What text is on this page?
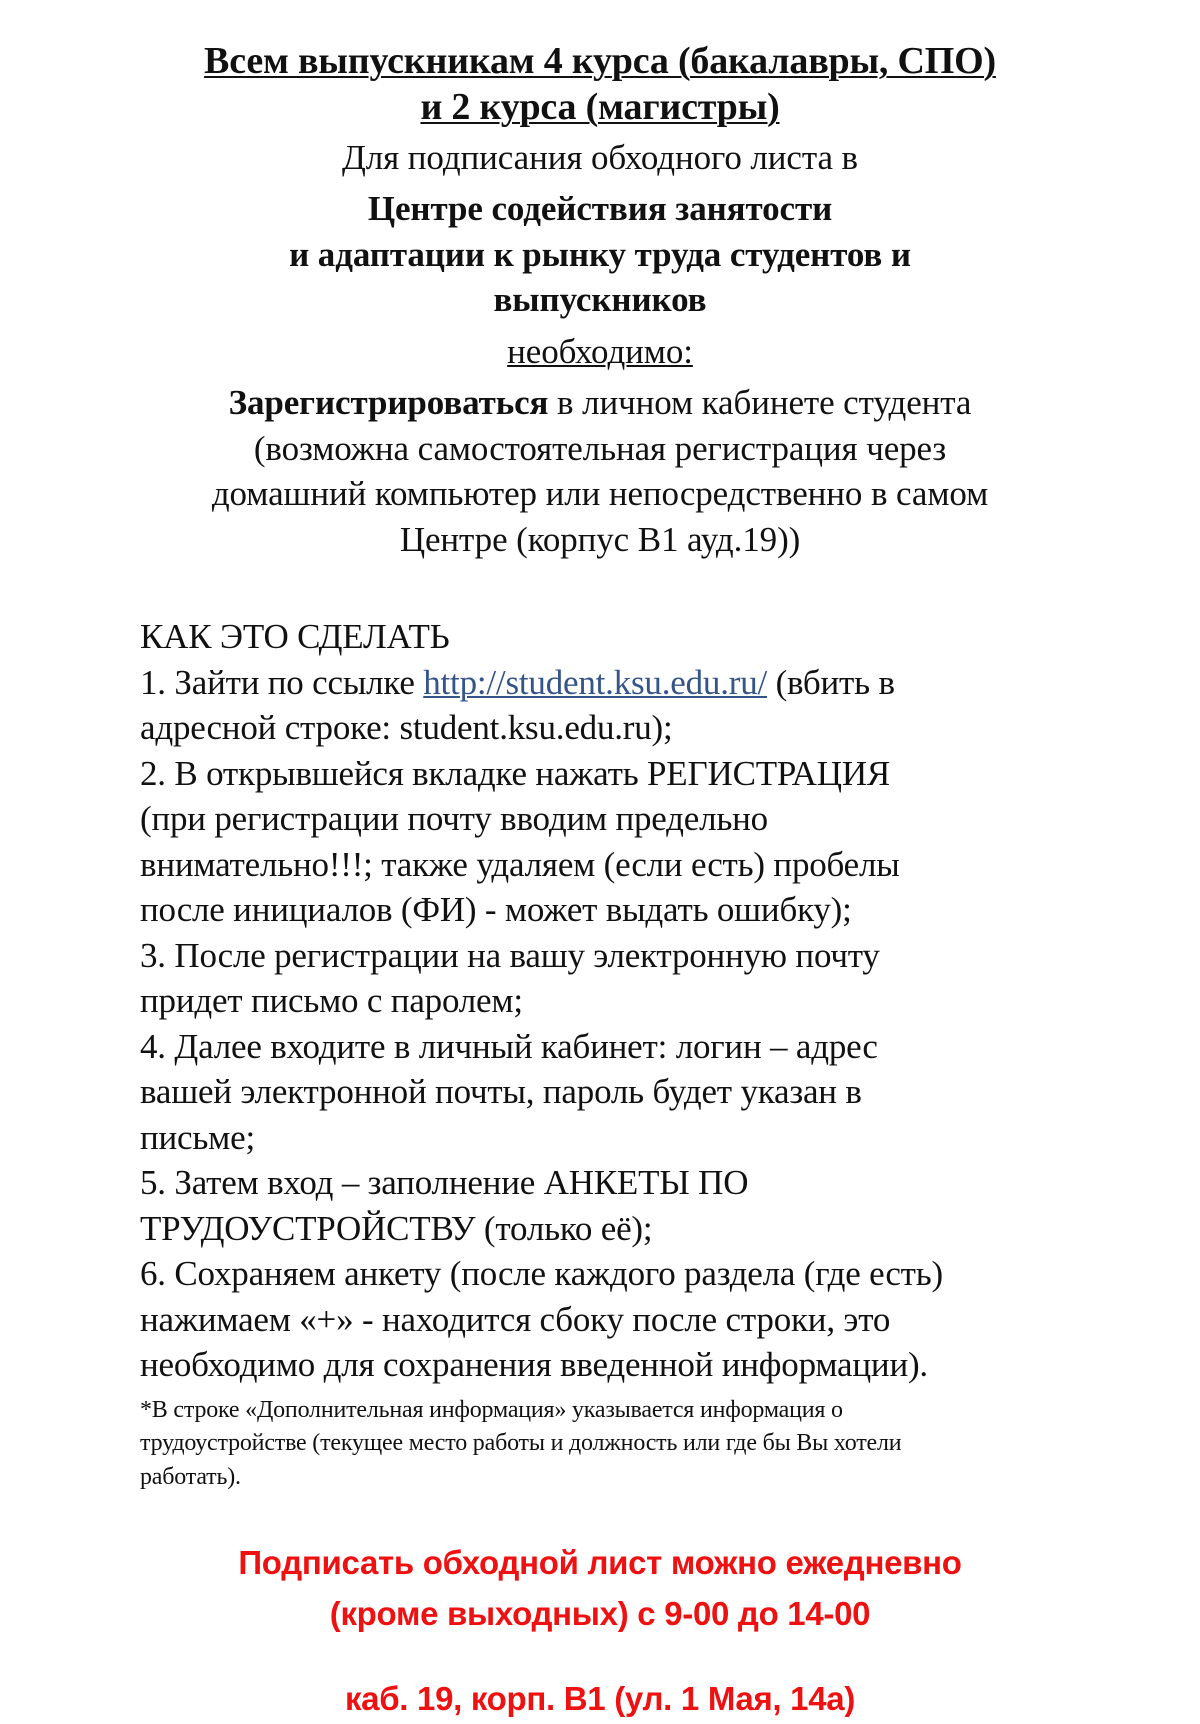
Всем выпускникам 4 курса (бакалавры, СПО)
и 2 курса (магистры)
Для подписания обходного листа в
Центре содействия занятости
и адаптации к рынку труда студентов и
выпускников
необходимо:
Зарегистрироваться в личном кабинете студента
(возможна самостоятельная регистрация через
домашний компьютер или непосредственно в самом
Центре (корпус В1 ауд.19))
КАК ЭТО СДЕЛАТЬ
1. Зайти по ссылке http://student.ksu.edu.ru/ (вбить в
адресной строке: student.ksu.edu.ru);
2. В открывшейся вкладке нажать РЕГИСТРАЦИЯ
(при регистрации почту вводим предельно
внимательно!!!; также удаляем (если есть) пробелы
после инициалов (ФИ) - может выдать ошибку);
3. После регистрации на вашу электронную почту
придет письмо с паролем;
4. Далее входите в личный кабинет: логин – адрес
вашей электронной почты, пароль будет указан в
письме;
5. Затем вход – заполнение АНКЕТЫ ПО
ТРУДОУСТРОЙСТВУ (только её);
6. Сохраняем анкету (после каждого раздела (где есть)
нажимаем «+» - находится сбоку после строки, это
необходимо для сохранения введенной информации).
*В строке «Дополнительная информация» указывается информация о
трудоустройстве (текущее место работы и должность или где бы Вы хотели
работать).
Подписать обходной лист можно ежедневно
(кроме выходных) с 9-00 до 14-00
каб. 19, корп. В1 (ул. 1 Мая, 14а)
